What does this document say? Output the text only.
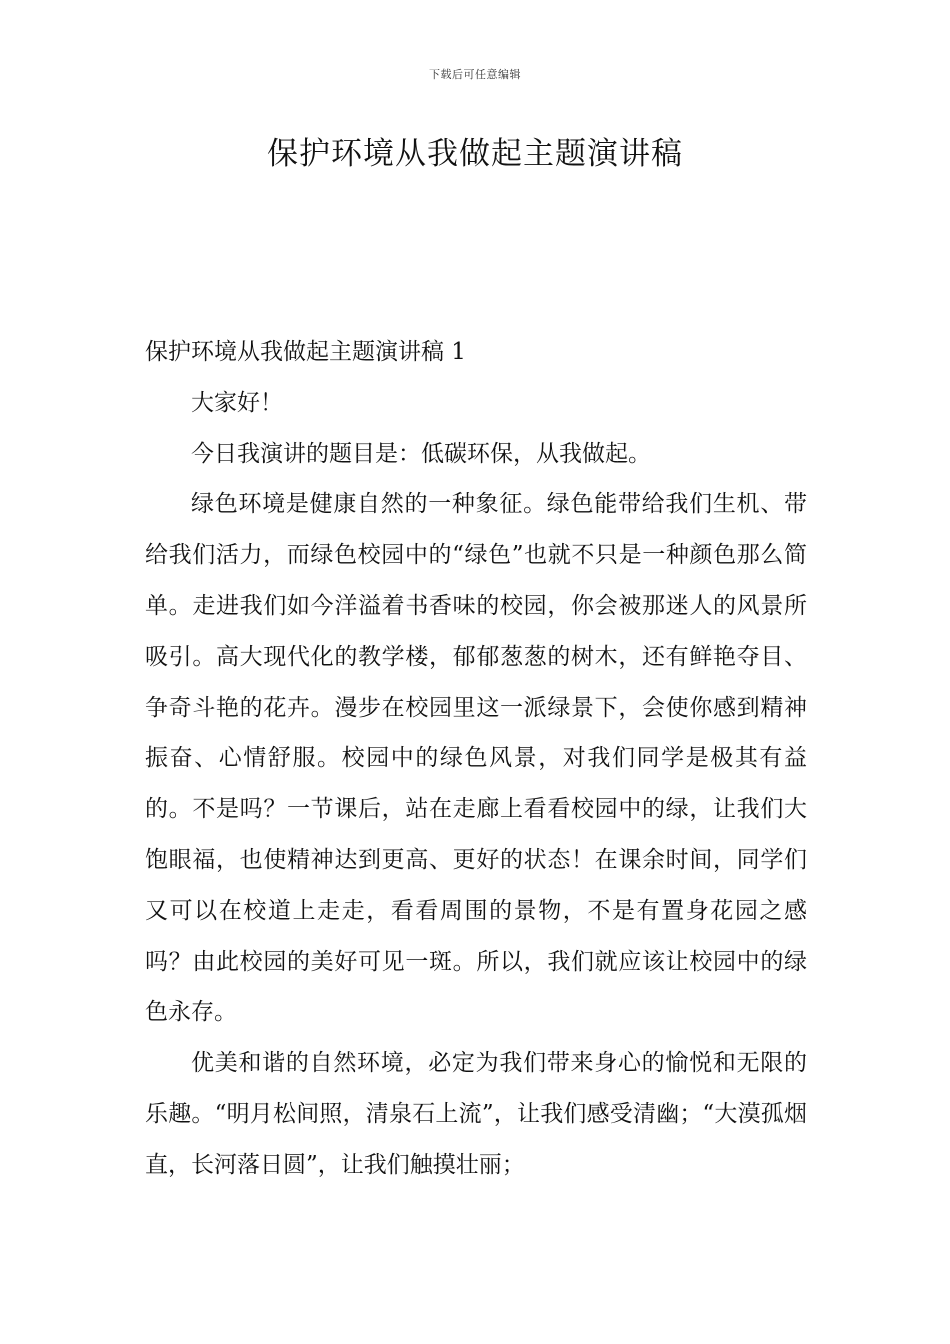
下载后可任意编辑
保护环境从我做起主题演讲稿

保护环境从我做起主题演讲稿 1

大家好！

今日我演讲的题目是：低碳环保，从我做起。

绿色环境是健康自然的一种象征。绿色能带给我们生机、带给我们活力，而绿色校园中的“绿色”也就不只是一种颜色那么简单。走进我们如今洋溢着书香味的校园，你会被那迷人的风景所吸引。高大现代化的教学楼，郁郁葱葱的树木，还有鲜艳夺目、争奇斗艳的花卉。漫步在校园里这一派绿景下，会使你感到精神振奋、心情舒服。校园中的绿色风景，对我们同学是极其有益的。不是吗？一节课后，站在走廊上看看校园中的绿，让我们大饱眼福，也使精神达到更高、更好的状态！在课余时间，同学们又可以在校道上走走，看看周围的景物，不是有置身花园之感吗？由此校园的美好可见一斑。所以，我们就应该让校园中的绿色永存。

优美和谐的自然环境，必定为我们带来身心的愉悦和无限的乐趣。“明月松间照，清泉石上流”，让我们感受清幽；“大漠孤烟直，长河落日圆”，让我们触摸壮丽；
